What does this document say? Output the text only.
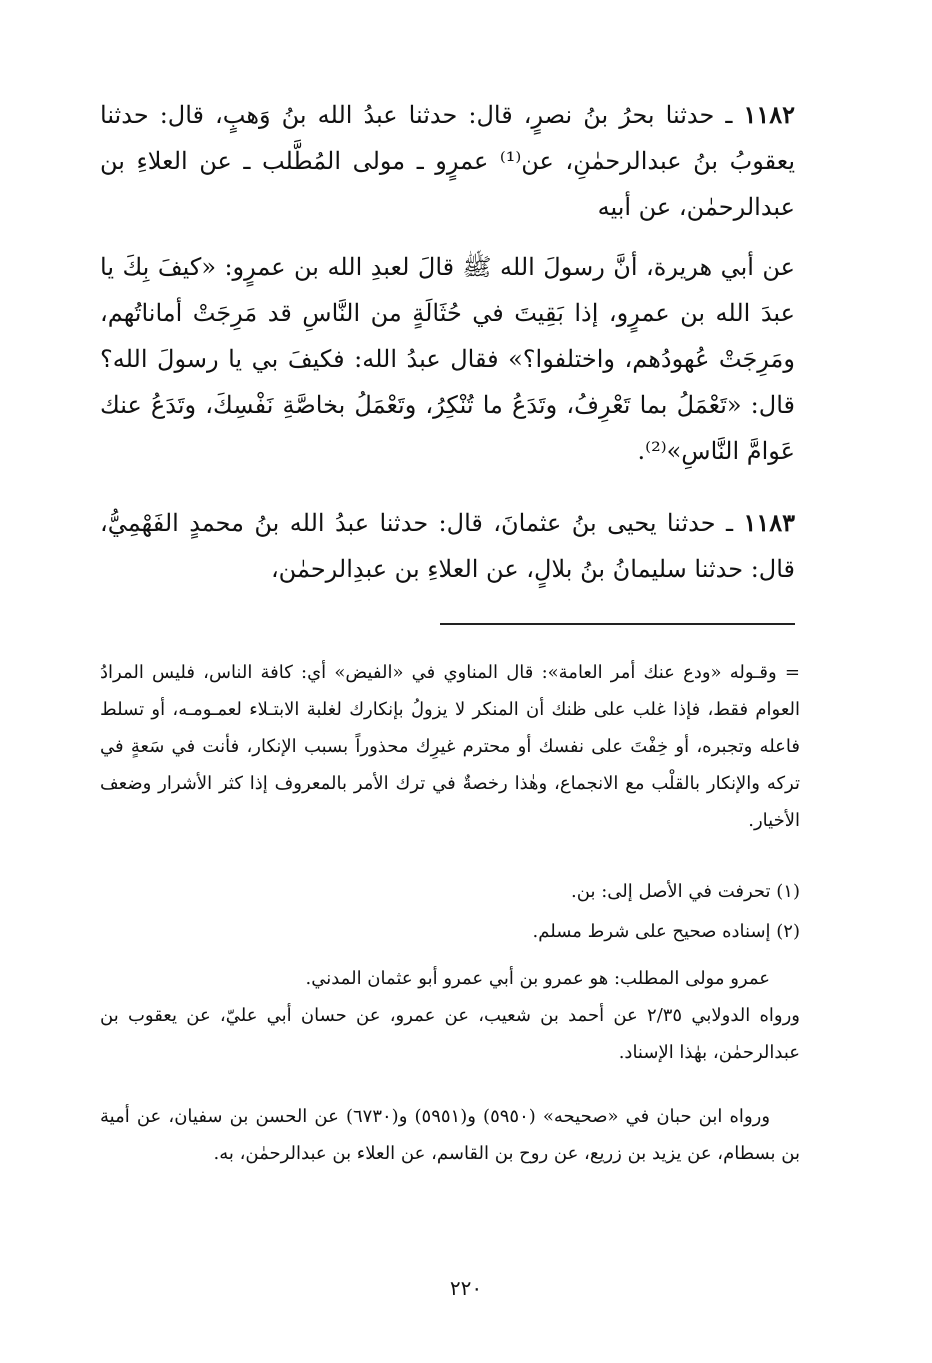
١١٨٢ ـ حدثنا بحرُ بنُ نصرٍ، قال: حدثنا عبدُ الله بنُ وَهبٍ، قال: حدثنا يعقوبُ بنُ عبدالرحمٰنِ، عن⁽¹⁾ عمرٍو ـ مولى المُطَّلب ـ عن العلاءِ بن عبدالرحمٰن، عن أبيه

عن أبي هريرة، أنَّ رسولَ الله ﷺ قالَ لعبدِ الله بن عمرٍو: «كيفَ بِكَ يا عبدَ الله بن عمرٍو، إذا بَقِيتَ في حُثَالَةٍ من النَّاسِ قد مَرِجَتْ أماناتُهم، ومَرِجَتْ عُهودُهم، واختلفوا؟» فقال عبدُ الله: فكيفَ بي يا رسولَ الله؟ قال: «تَعْمَلُ بما تَعْرِفُ، وتَدَعُ ما تُنْكِرُ، وتَعْمَلُ بخاصَّةِ نَفْسِكَ، وتَدَعُ عنك عَوامَّ النَّاسِ»⁽²⁾.

١١٨٣ ـ حدثنا يحيى بنُ عثمانَ، قال: حدثنا عبدُ الله بنُ محمدٍ الفَهْمِيُّ، قال: حدثنا سليمانُ بنُ بلالٍ، عن العلاءِ بن عبدِالرحمٰن،

= وقـوله «ودع عنك أمر العامة»: قال المناوي في «الفيض» أي: كافة الناس، فليس المرادُ العوام فقط، فإذا غلب على ظنك أن المنكر لا يزولُ بإنكارك لغلبة الابتـلاء لعمـومـه، أو تسلط فاعله وتجبره، أو خِفْتَ على نفسك أو محترم غيرِك محذوراً بسبب الإنكار، فأنت في سَعةٍ في تركه والإنكار بالقلْب مع الانجماع، وهٰذا رخصةٌ في ترك الأمر بالمعروف إذا كثر الأشرار وضعف الأخيار.

(١) تحرفت في الأصل إلى: بن.

(٢) إسناده صحيح على شرط مسلم.

عمرو مولى المطلب: هو عمرو بن أبي عمرو أبو عثمان المدني.

ورواه الدولابي ٢/٣٥ عن أحمد بن شعيب، عن عمرو، عن حسان أبي عليّ، عن يعقوب بن عبدالرحمٰن، بهٰذا الإسناد.

ورواه ابن حبان في «صحيحه» (٥٩٥٠) و(٥٩٥١) و(٦٧٣٠) عن الحسن بن سفيان، عن أمية بن بسطام، عن يزيد بن زريع، عن روح بن القاسم، عن العلاء بن عبدالرحمٰن، به.

٢٢٠
